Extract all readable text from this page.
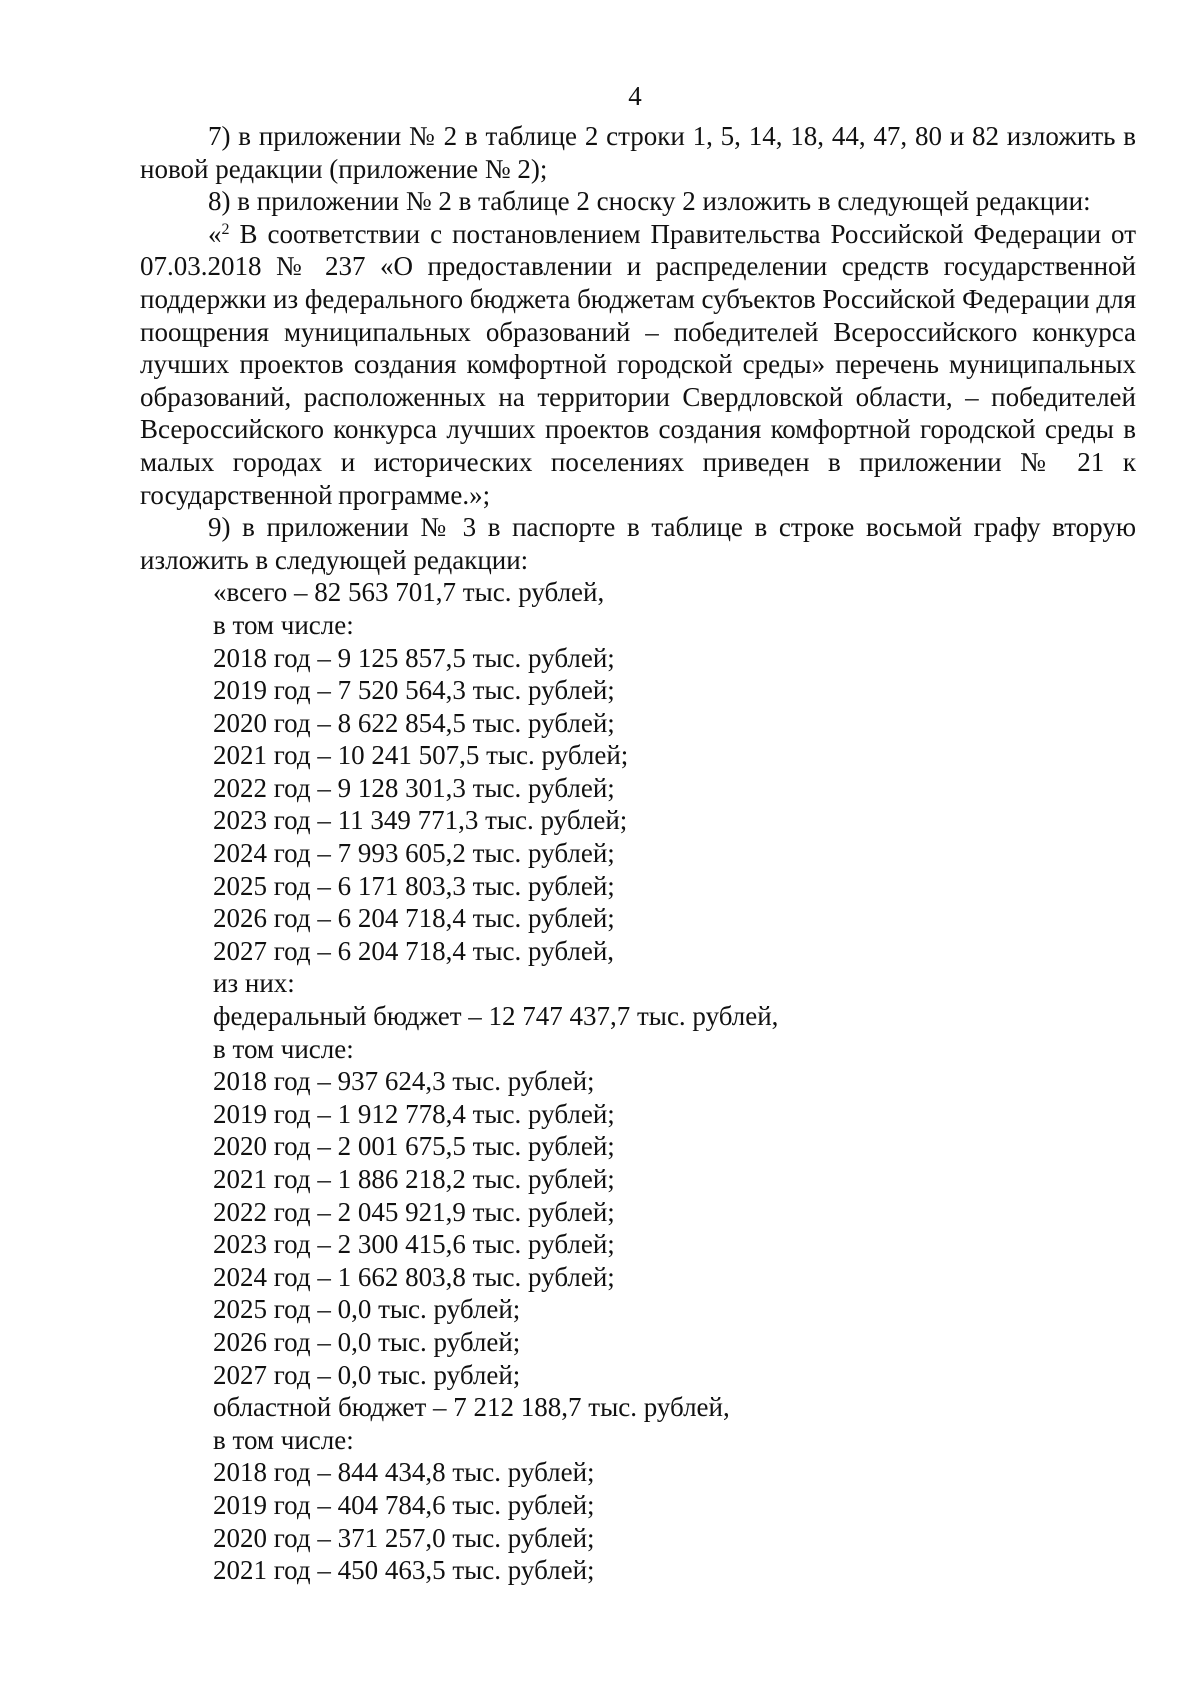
4

7) в приложении № 2 в таблице 2 строки 1, 5, 14, 18, 44, 47, 80 и 82 изложить в новой редакции (приложение № 2);

8) в приложении № 2 в таблице 2 сноску 2 изложить в следующей редакции:

«$^2$ В соответствии с постановлением Правительства Российской Федерации от 07.03.2018 № 237 «О предоставлении и распределении средств государственной поддержки из федерального бюджета бюджетам субъектов Российской Федерации для поощрения муниципальных образований – победителей Всероссийского конкурса лучших проектов создания комфортной городской среды» перечень муниципальных образований, расположенных на территории Свердловской области, – победителей Всероссийского конкурса лучших проектов создания комфортной городской среды в малых городах и исторических поселениях приведен в приложении № 21 к государственной программе.»;

9) в приложении № 3 в паспорте в таблице в строке восьмой графу вторую изложить в следующей редакции:

«всего – 82 563 701,7 тыс. рублей,
в том числе:
2018 год – 9 125 857,5 тыс. рублей;
2019 год – 7 520 564,3 тыс. рублей;
2020 год – 8 622 854,5 тыс. рублей;
2021 год – 10 241 507,5 тыс. рублей;
2022 год – 9 128 301,3 тыс. рублей;
2023 год – 11 349 771,3 тыс. рублей;
2024 год – 7 993 605,2 тыс. рублей;
2025 год – 6 171 803,3 тыс. рублей;
2026 год – 6 204 718,4 тыс. рублей;
2027 год – 6 204 718,4 тыс. рублей,
из них:
федеральный бюджет – 12 747 437,7 тыс. рублей,
в том числе:
2018 год – 937 624,3 тыс. рублей;
2019 год – 1 912 778,4 тыс. рублей;
2020 год – 2 001 675,5 тыс. рублей;
2021 год – 1 886 218,2 тыс. рублей;
2022 год – 2 045 921,9 тыс. рублей;
2023 год – 2 300 415,6 тыс. рублей;
2024 год – 1 662 803,8 тыс. рублей;
2025 год – 0,0 тыс. рублей;
2026 год – 0,0 тыс. рублей;
2027 год – 0,0 тыс. рублей;
областной бюджет – 7 212 188,7 тыс. рублей,
в том числе:
2018 год – 844 434,8 тыс. рублей;
2019 год – 404 784,6 тыс. рублей;
2020 год – 371 257,0 тыс. рублей;
2021 год – 450 463,5 тыс. рублей;
